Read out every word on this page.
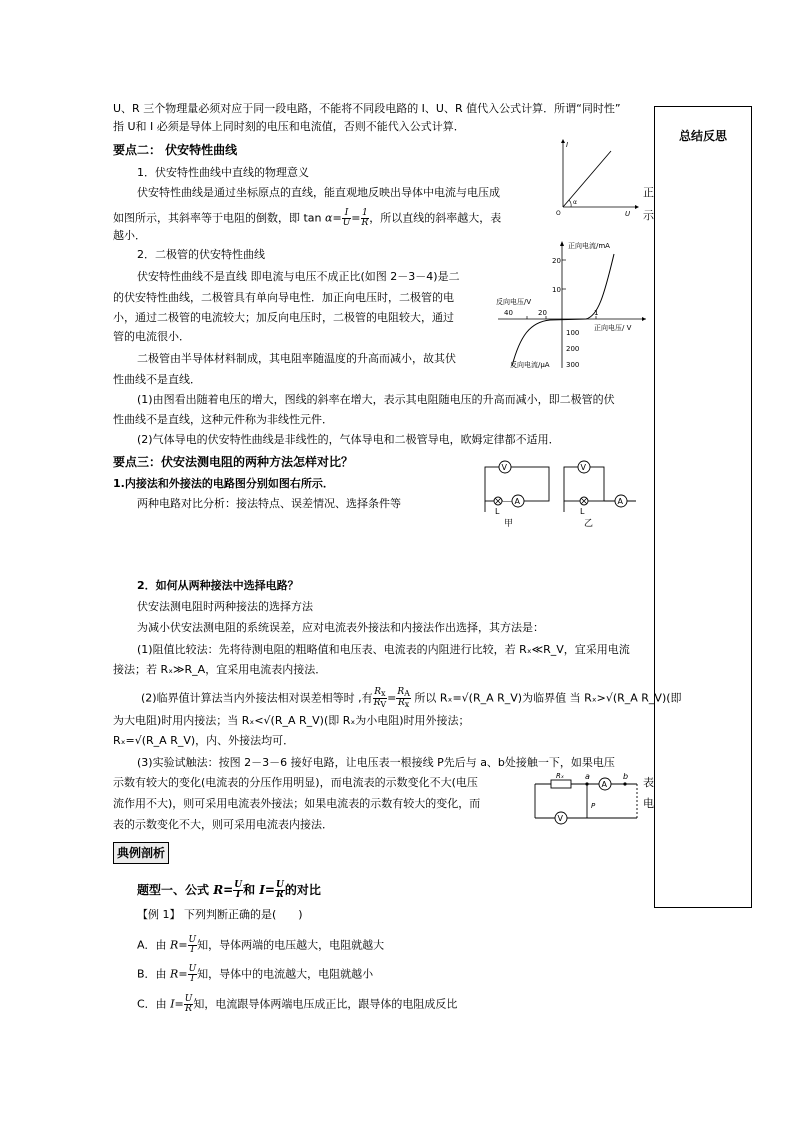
U、R 三个物理量必须对应于同一段电路，不能将不同段电路的 I、U、R 值代入公式计算．所谓“同时性”
指 U和 I 必须是导体上同时刻的电压和电流值，否则不能代入公式计算．
总结反思
要点二： 伏安特性曲线
1．伏安特性曲线中直线的物理意义
伏安特性曲线是通过坐标原点的直线，能直观地反映出导体中电流与电压成	正
如图所示，其斜率等于电阻的倒数，即 $\tan \alpha= \frac{I}{U} = \frac{1}{R}$ ，所以直线的斜率越大，表	示
越小．
I
U
α
O
2．二极管的伏安特性曲线
伏安特性曲线不是直线 即电流与电压不成正比(如图 2－3－4)是二
的伏安特性曲线，二极管具有单向导电性．加正向电压时，二极管的电
小，通过二极管的电流较大；加反向电压时，二极管的电阻较大，通过
管的电流很小．
正向电流/mA
反向电压/V
正向电压/ V
反向电流/μA
20
10
40	20	1
100
200
300
二极管由半导体材料制成，其电阻率随温度的升高而减小，故其伏
性曲线不是直线．
(1)由图看出随着电压的增大，图线的斜率在增大，表示其电阻随电压的升高而减小，即二极管的伏
性曲线不是直线，这种元件称为非线性元件．
(2)气体导电的伏安特性曲线是非线性的，气体导电和二极管导电，欧姆定律都不适用．
要点三：伏安法测电阻的两种方法怎样对比？
1.内接法和外接法的电路图分别如图右所示．
两种电路对比分析：接法特点、误差情况、选择条件等
V
A
L
甲
V
A
L
乙
2．如何从两种接法中选择电路？
伏安法测电阻时两种接法的选择方法
为减小伏安法测电阻的系统误差，应对电流表外接法和内接法作出选择，其方法是：
(1)阻值比较法：先将待测电阻的粗略值和电压表、电流表的内阻进行比较，若 Rₓ≪R_V，宜采用电流
接法；若 Rₓ≫R_A，宜采用电流表内接法．
(2)临界值计算法当内外接法相对误差相等时 ,有 $\frac{Rx}{RV} = \frac{RA}{Rx}$ 所以 Rₓ=√(R_A R_V)为临界值 当 Rₓ>√(R_A R_V)(即
为大电阻)时用内接法；当 Rₓ<√(R_A R_V)(即 Rₓ为小电阻)时用外接法；
Rₓ=√(R_A R_V)，内、外接法均可．
(3)实验试触法：按图 2－3－6 接好电路，让电压表一根接线 P先后与 a、b处接触一下，如果电压
示数有较大的变化(电流表的分压作用明显)，而电流表的示数变化不大(电压	表
流作用不大)，则可采用电流表外接法；如果电流表的示数有较大的变化，而	电
表的示数变化不大，则可采用电流表内接法．
A
V
Rₓ	a	b
P
典例剖析
题型一、公式 $R= \frac{U}{I}$ 和 $I= \frac{U}{R}$ 的对比
【例 1】 下列判断正确的是(　　)
A．由 $R= \frac{U}{I}$ 知，导体两端的电压越大，电阻就越大
B．由 $R= \frac{U}{I}$ 知，导体中的电流越大，电阻就越小
C．由 $I= \frac{U}{R}$ 知，电流跟导体两端电压成正比，跟导体的电阻成反比
